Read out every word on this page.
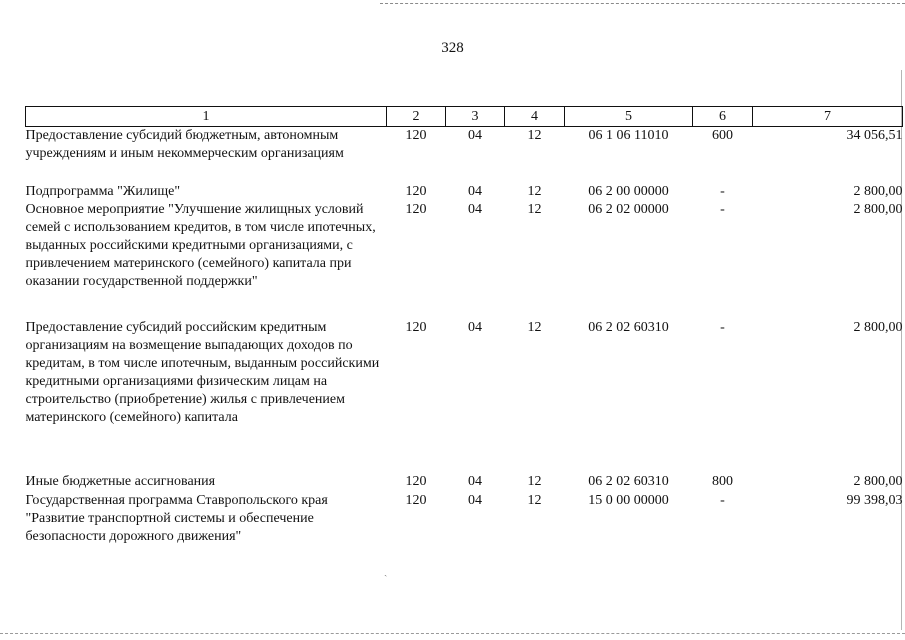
ˏ
328
1	2	3	4	5	6	7
Предоставление субсидий бюджетным, автономным учреждениям и иным некоммерческим организациям	120	04	12	06 1 06 11010	600	34 056,51
Подпрограмма "Жилище"	120	04	12	06 2 00 00000	-	2 800,00
Основное мероприятие "Улучшение жилищных условий семей с использованием кредитов, в том числе ипотечных, выданных российскими кредитными организациями, с привлечением материнского (семейного) капитала при оказании государственной поддержки"	120	04	12	06 2 02 00000	-	2 800,00
Предоставление субсидий российским кредитным организациям на возмещение выпадающих доходов по кредитам, в том числе ипотечным, выданным российскими кредитными организациями физическим лицам на строительство (приобретение) жилья с привлечением материнского (семейного) капитала	120	04	12	06 2 02 60310	-	2 800,00
Иные бюджетные ассигнования	120	04	12	06 2 02 60310	800	2 800,00
Государственная программа Ставропольского края "Развитие транспортной системы и обеспечение безопасности дорожного движения"	120	04	12	15 0 00 00000	-	99 398,03
